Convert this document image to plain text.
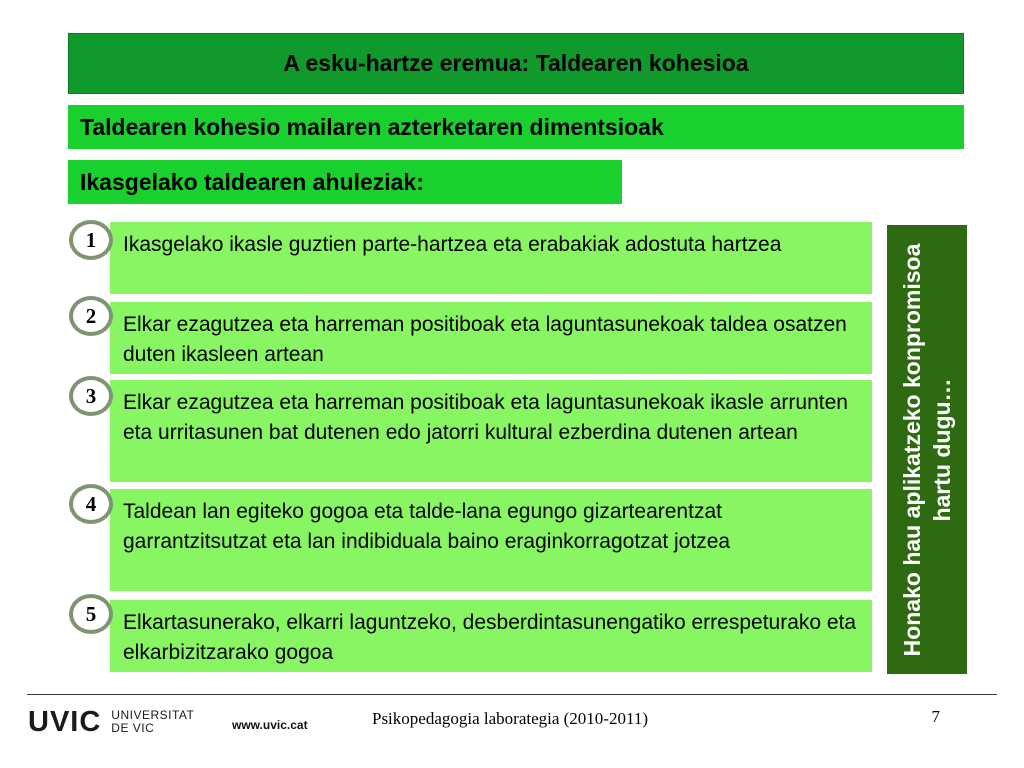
A esku-hartze eremua: Taldearen kohesioa
Taldearen kohesio mailaren azterketaren dimentsioak
Ikasgelako taldearen ahuleziak:
1	Ikasgelako ikasle guztien parte-hartzea eta erabakiak adostuta hartzea
2	Elkar ezagutzea eta harreman positiboak eta laguntasunekoak taldea osatzen duten ikasleen artean
3	Elkar ezagutzea eta harreman positiboak eta laguntasunekoak ikasle arrunten eta urritasunen bat dutenen edo jatorri kultural ezberdina dutenen artean
4	Taldean lan egiteko gogoa eta talde-lana egungo gizartearentzat garrantzitsutzat eta lan indibiduala baino eraginkorragotzat jotzea
5	Elkartasunerako, elkarri laguntzeko, desberdintasunengatiko errespeturako eta elkarbizitzarako gogoa	Honako hau aplikatzeko konpromisoa hartu dugu…
UVIC UNIVERSITAT
DE VIC	www.uvic.cat	Psikopedagogia laborategia (2010-2011)	7
